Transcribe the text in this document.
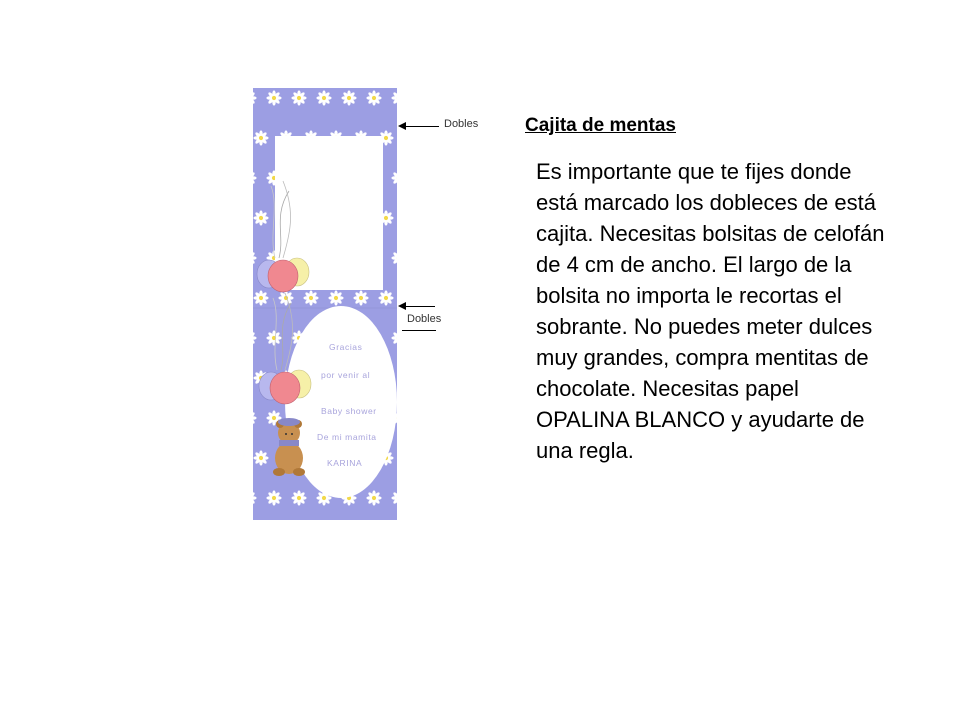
Gracias
por venir al
Baby shower
De mi mamita
KARINA
Dobles
Dobles
Cajita de mentas
Es importante que te fijes donde está marcado los dobleces de está cajita. Necesitas bolsitas de celofán de 4 cm de ancho. El largo de la bolsita no importa le recortas el sobrante. No puedes meter dulces muy grandes, compra mentitas de chocolate. Necesitas papel OPALINA BLANCO y ayudarte de una regla.
